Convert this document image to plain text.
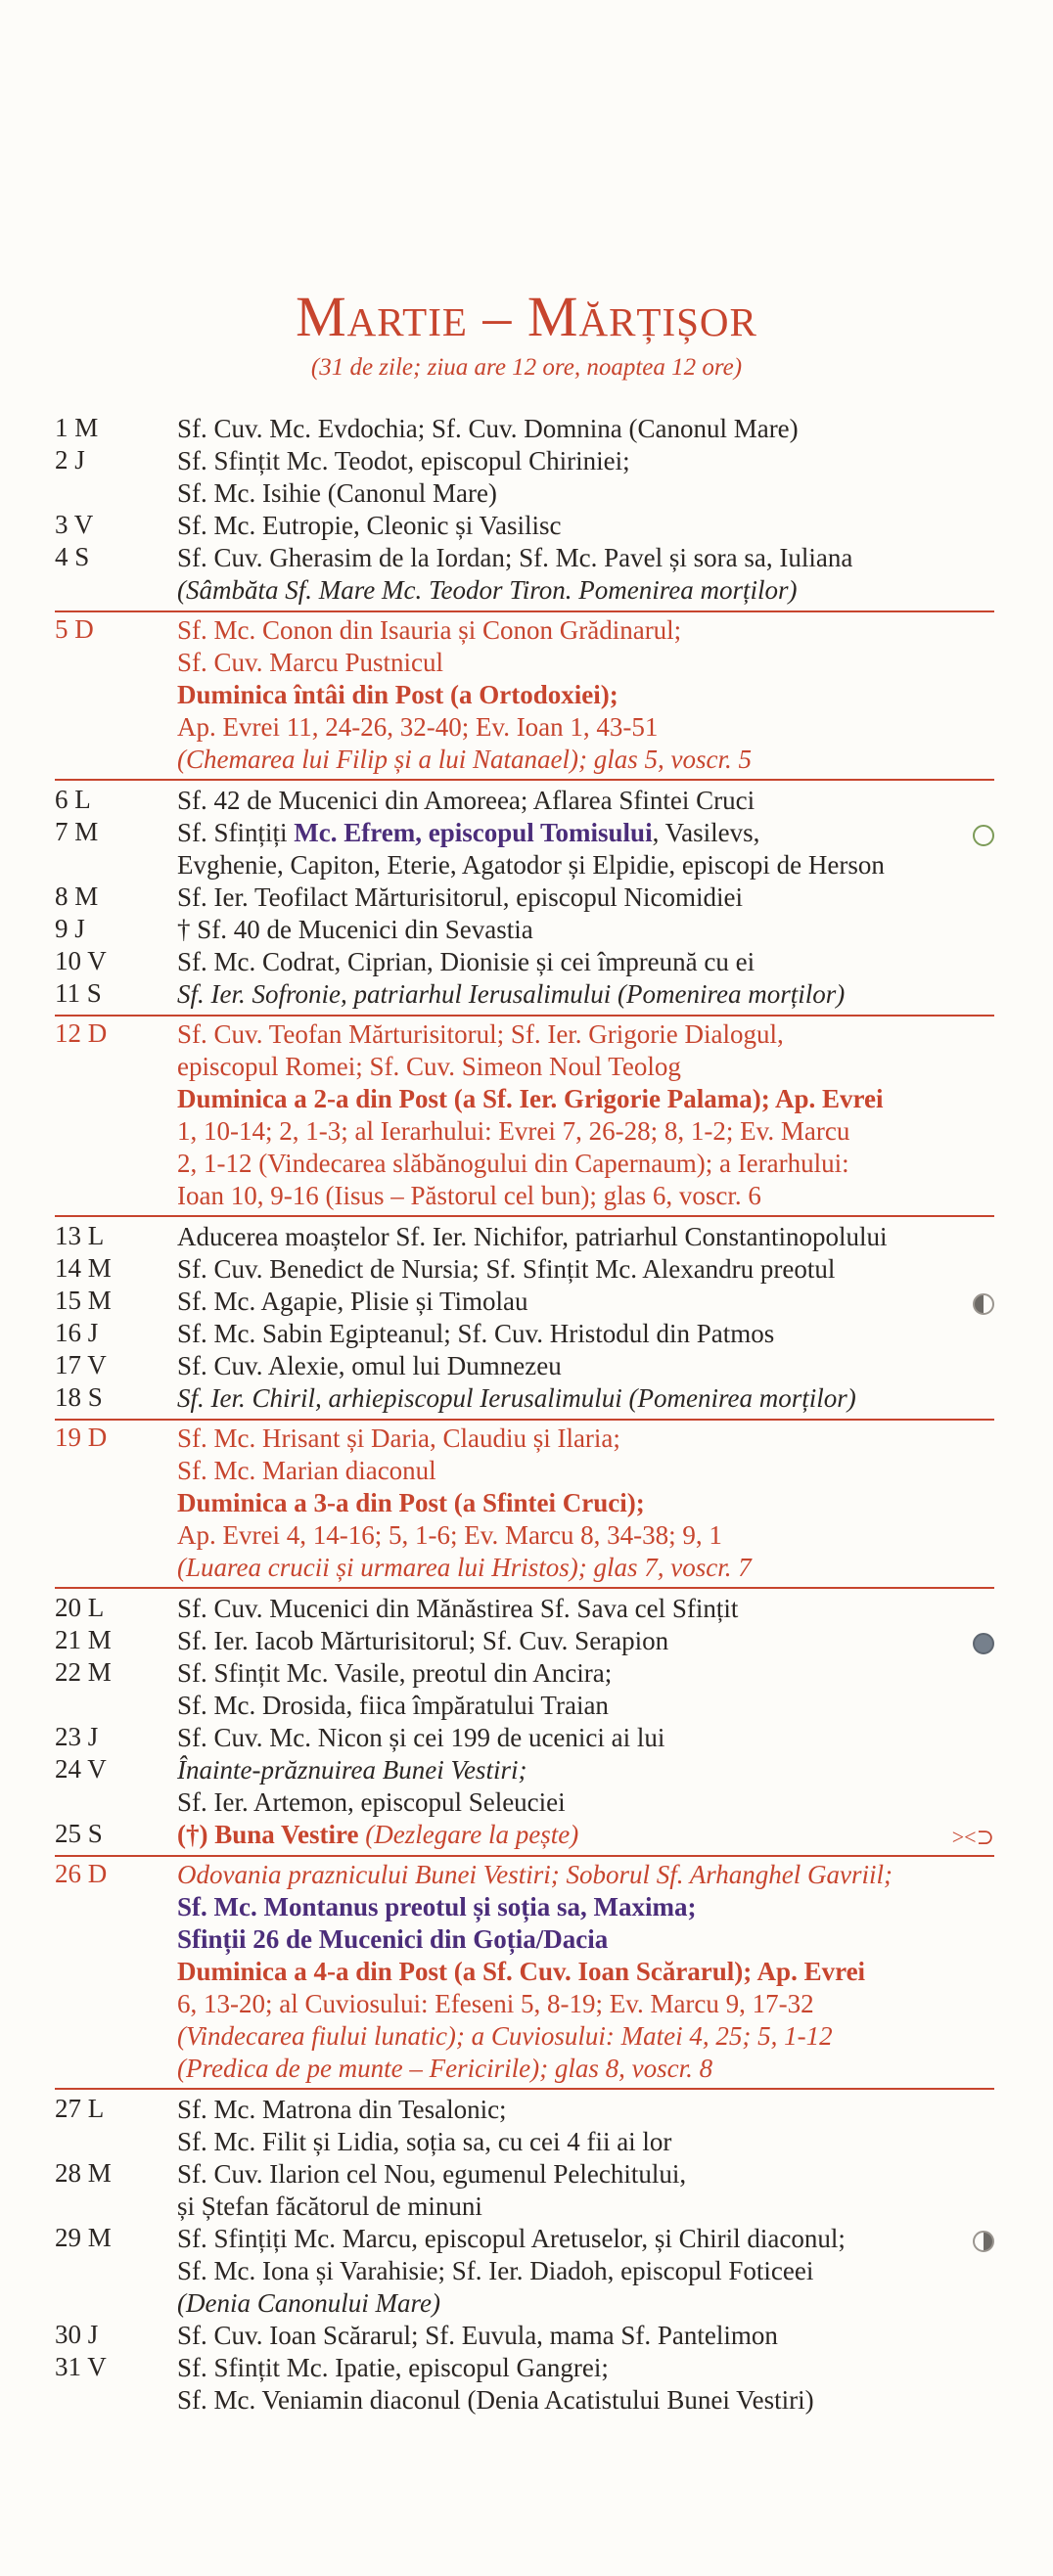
Martie – Mărțișor
(31 de zile; ziua are 12 ore, noaptea 12 ore)
1 M	Sf. Cuv. Mc. Evdochia; Sf. Cuv. Domnina (Canonul Mare)
2 J	Sf. Sfințit Mc. Teodot, episcopul Chiriniei;
Sf. Mc. Isihie (Canonul Mare)
3 V	Sf. Mc. Eutropie, Cleonic și Vasilisc
4 S	Sf. Cuv. Gherasim de la Iordan; Sf. Mc. Pavel și sora sa, Iuliana
(Sâmbăta Sf. Mare Mc. Teodor Tiron. Pomenirea morților)
5 D	Sf. Mc. Conon din Isauria și Conon Grădinarul;
Sf. Cuv. Marcu Pustnicul
Duminica întâi din Post (a Ortodoxiei);
Ap. Evrei 11, 24-26, 32-40; Ev. Ioan 1, 43-51
(Chemarea lui Filip și a lui Natanael); glas 5, voscr. 5
6 L	Sf. 42 de Mucenici din Amoreea; Aflarea Sfintei Cruci
7 M	Sf. Sfințiți Mc. Efrem, episcopul Tomisului, Vasilevs,
Evghenie, Capiton, Eterie, Agatodor și Elpidie, episcopi de Herson
8 M	Sf. Ier. Teofilact Mărturisitorul, episcopul Nicomidiei
9 J	† Sf. 40 de Mucenici din Sevastia
10 V	Sf. Mc. Codrat, Ciprian, Dionisie și cei împreună cu ei
11 S	Sf. Ier. Sofronie, patriarhul Ierusalimului (Pomenirea morților)
12 D	Sf. Cuv. Teofan Mărturisitorul; Sf. Ier. Grigorie Dialogul,
episcopul Romei; Sf. Cuv. Simeon Noul Teolog
Duminica a 2-a din Post (a Sf. Ier. Grigorie Palama); Ap. Evrei
1, 10-14; 2, 1-3; al Ierarhului: Evrei 7, 26-28; 8, 1-2; Ev. Marcu
2, 1-12 (Vindecarea slăbănogului din Capernaum); a Ierarhului:
Ioan 10, 9-16 (Iisus – Păstorul cel bun); glas 6, voscr. 6
13 L	Aducerea moaștelor Sf. Ier. Nichifor, patriarhul Constantinopolului
14 M	Sf. Cuv. Benedict de Nursia; Sf. Sfințit Mc. Alexandru preotul
15 M	Sf. Mc. Agapie, Plisie și Timolau
16 J	Sf. Mc. Sabin Egipteanul; Sf. Cuv. Hristodul din Patmos
17 V	Sf. Cuv. Alexie, omul lui Dumnezeu
18 S	Sf. Ier. Chiril, arhiepiscopul Ierusalimului (Pomenirea morților)
19 D	Sf. Mc. Hrisant și Daria, Claudiu și Ilaria;
Sf. Mc. Marian diaconul
Duminica a 3-a din Post (a Sfintei Cruci);
Ap. Evrei 4, 14-16; 5, 1-6; Ev. Marcu 8, 34-38; 9, 1
(Luarea crucii și urmarea lui Hristos); glas 7, voscr. 7
20 L	Sf. Cuv. Mucenici din Mănăstirea Sf. Sava cel Sfințit
21 M	Sf. Ier. Iacob Mărturisitorul; Sf. Cuv. Serapion
22 M	Sf. Sfințit Mc. Vasile, preotul din Ancira;
Sf. Mc. Drosida, fiica împăratului Traian
23 J	Sf. Cuv. Mc. Nicon și cei 199 de ucenici ai lui
24 V	Înainte-prăznuirea Bunei Vestiri;
Sf. Ier. Artemon, episcopul Seleuciei
25 S	(†) Buna Vestire (Dezlegare la pește)	><⊃
26 D	Odovania praznicului Bunei Vestiri; Soborul Sf. Arhanghel Gavriil;
Sf. Mc. Montanus preotul și soția sa, Maxima;
Sfinții 26 de Mucenici din Goția/Dacia
Duminica a 4-a din Post (a Sf. Cuv. Ioan Scărarul); Ap. Evrei
6, 13-20; al Cuviosului: Efeseni 5, 8-19; Ev. Marcu 9, 17-32
(Vindecarea fiului lunatic); a Cuviosului: Matei 4, 25; 5, 1-12
(Predica de pe munte – Fericirile); glas 8, voscr. 8
27 L	Sf. Mc. Matrona din Tesalonic;
Sf. Mc. Filit și Lidia, soția sa, cu cei 4 fii ai lor
28 M	Sf. Cuv. Ilarion cel Nou, egumenul Pelechitului,
și Ștefan făcătorul de minuni
29 M	Sf. Sfințiți Mc. Marcu, episcopul Aretuselor, și Chiril diaconul;
Sf. Mc. Iona și Varahisie; Sf. Ier. Diadoh, episcopul Foticeei
(Denia Canonului Mare)
30 J	Sf. Cuv. Ioan Scărarul; Sf. Euvula, mama Sf. Pantelimon
31 V	Sf. Sfințit Mc. Ipatie, episcopul Gangrei;
Sf. Mc. Veniamin diaconul (Denia Acatistului Bunei Vestiri)
